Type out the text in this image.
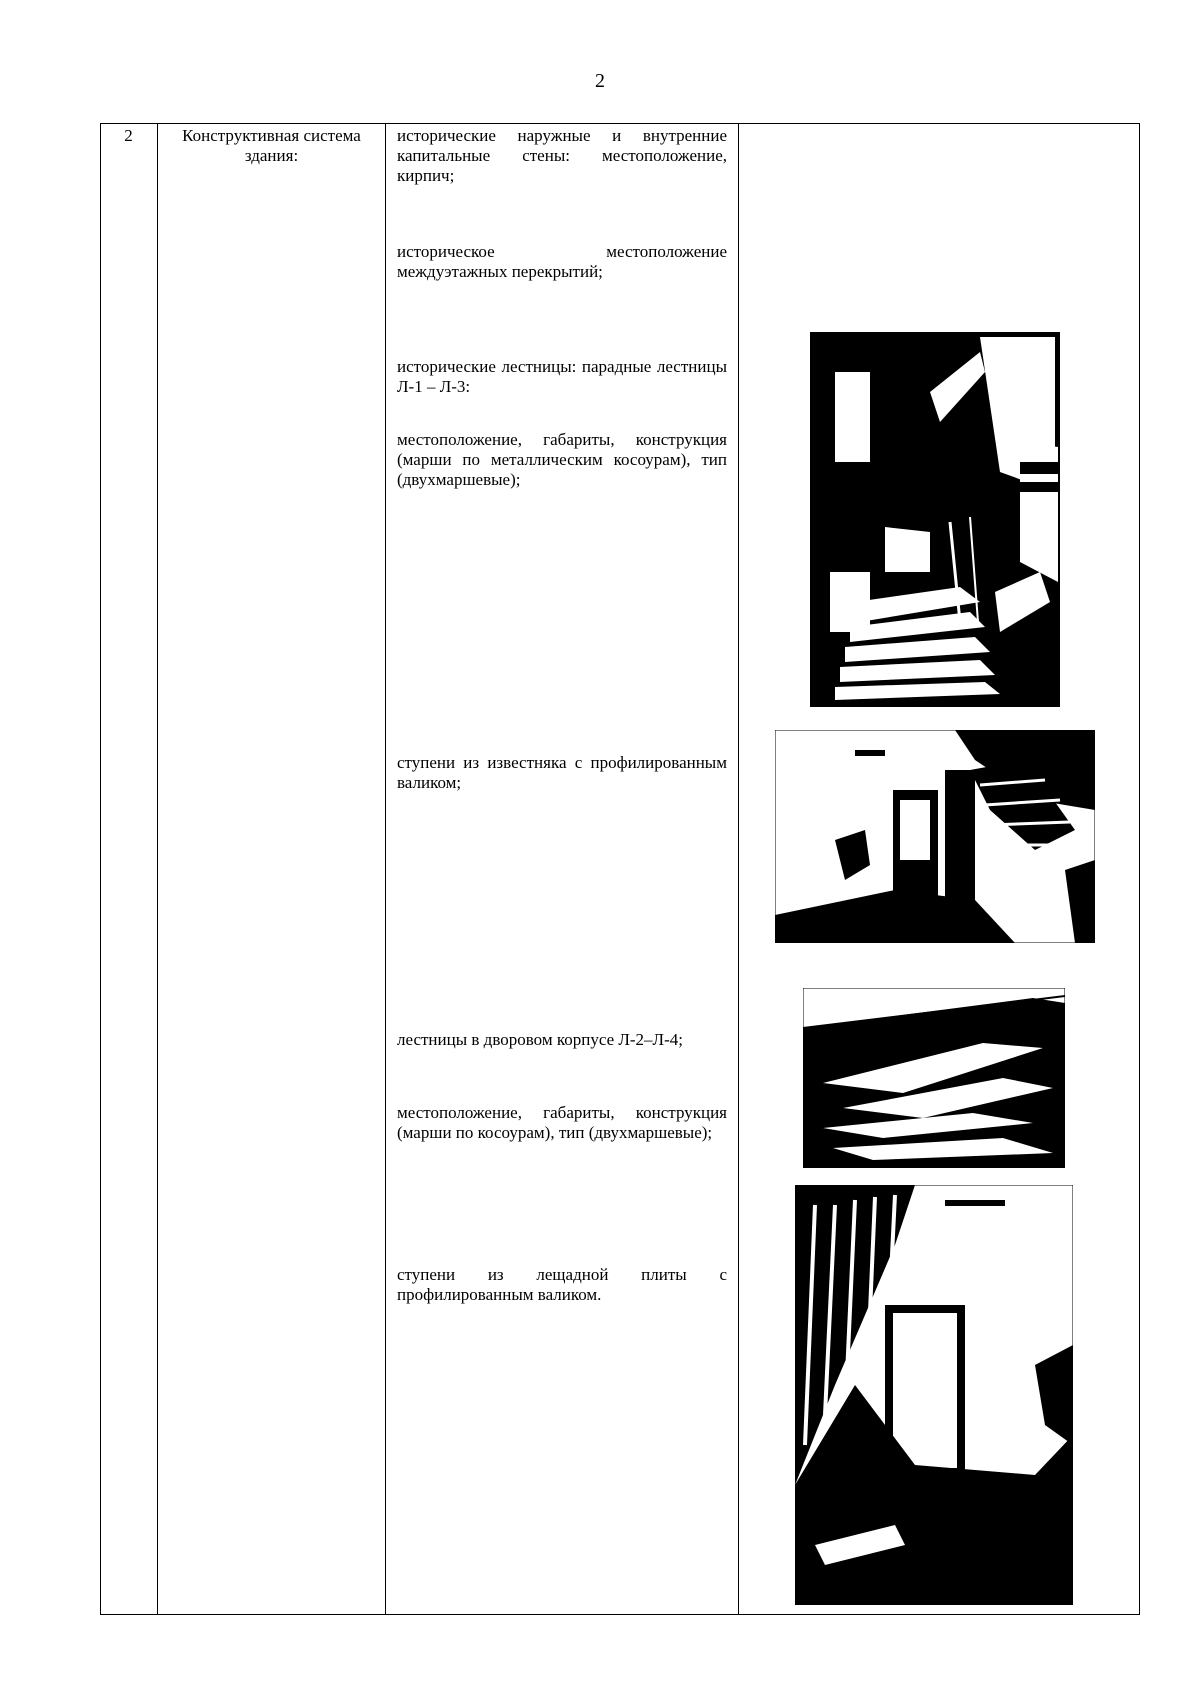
2
2	Конструктивная система здания:
исторические наружные и внутренние капитальные стены: местоположение, кирпич;
историческое местоположение междуэтажных перекрытий;
исторические лестницы: парадные лестницы Л-1 – Л-3:
местоположение, габариты, конструкция (марши по металлическим косоурам), тип (двухмаршевые);
ступени из известняка с профилированным валиком;
лестницы в дворовом корпусе Л-2–Л-4;
местоположение, габариты, конструкция (марши по косоурам), тип (двухмаршевые);
ступени из лещадной плиты с профилированным валиком.
